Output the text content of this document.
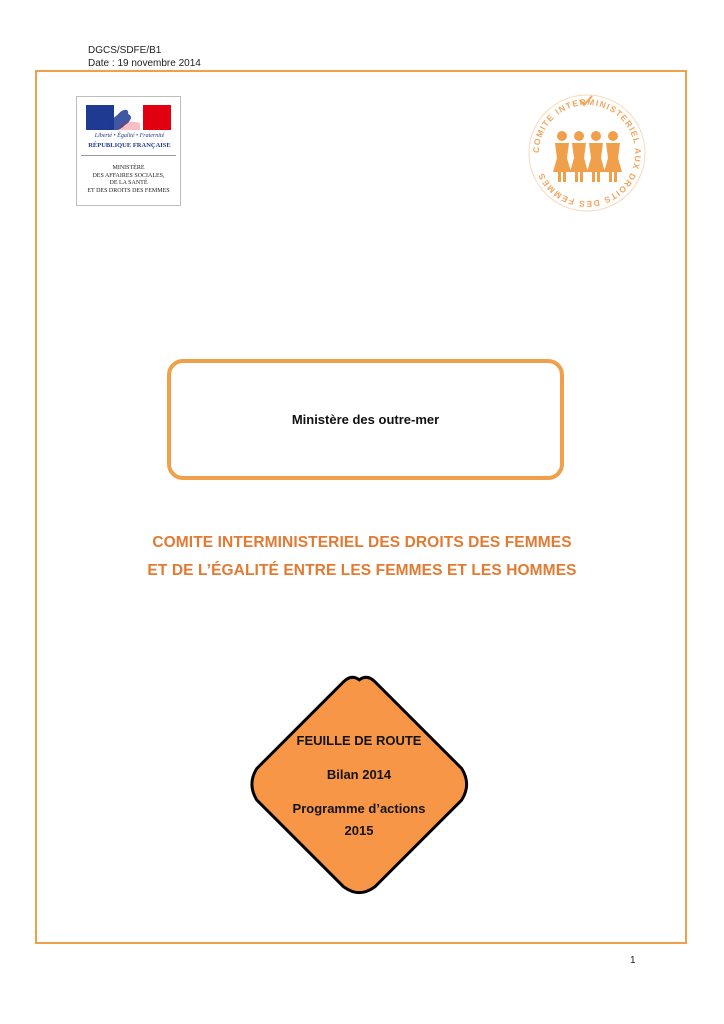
DGCS/SDFE/B1
Date : 19 novembre 2014
Liberté • Égalité • Fraternité
RÉPUBLIQUE FRANÇAISE
MINISTÈRE
DES AFFAIRES SOCIALES,
DE LA SANTÉ
ET DES DROITS DES FEMMES
COMITE INTERMINISTERIEL AUX DROITS DES FEMMES
Ministère des outre-mer
COMITE INTERMINISTERIEL DES DROITS DES FEMMES
ET DE L’ÉGALITÉ ENTRE LES FEMMES ET LES HOMMES
FEUILLE DE ROUTE
Bilan 2014
Programme d’actions
2015
1
